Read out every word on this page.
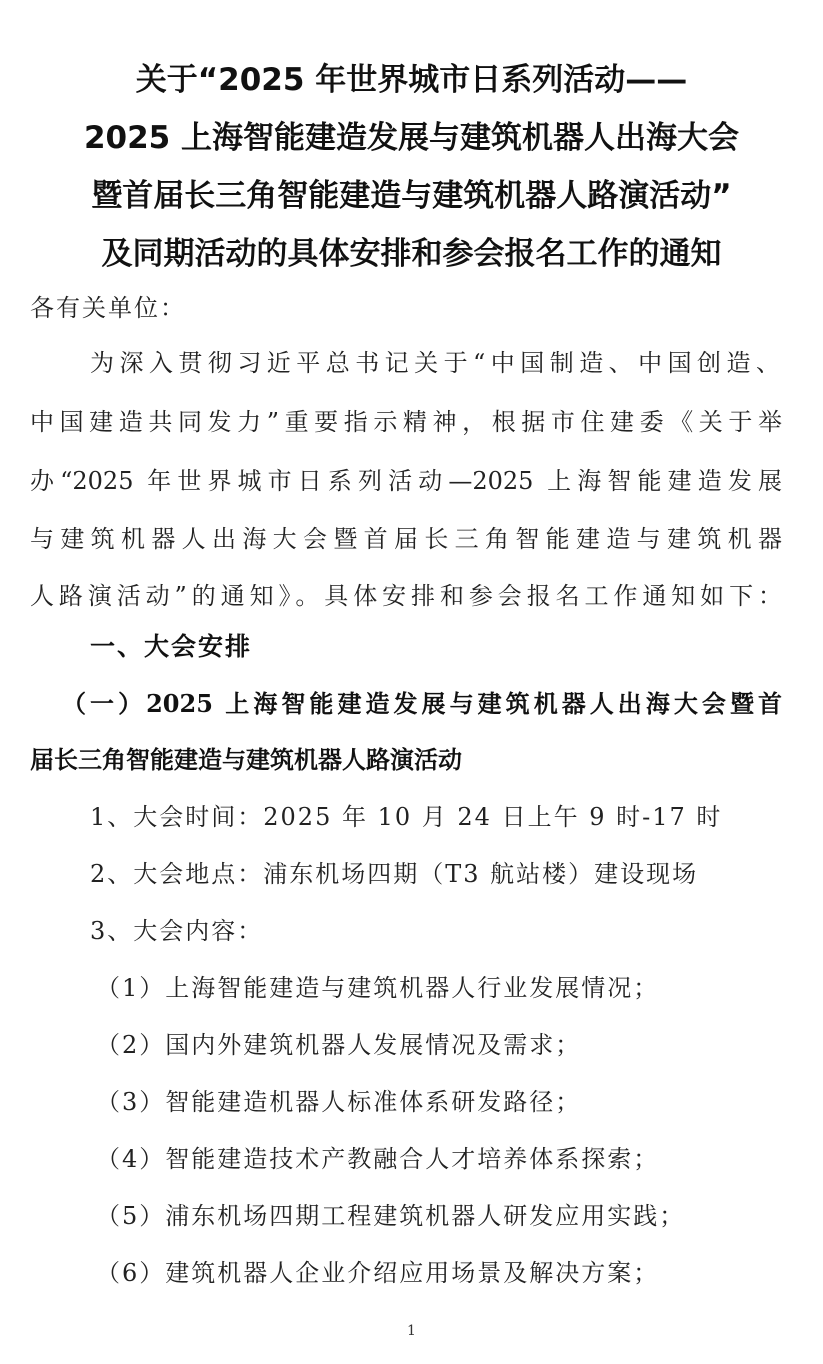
关于“2025 年世界城市日系列活动——
2025 上海智能建造发展与建筑机器人出海大会
暨首届长三角智能建造与建筑机器人路演活动”
及同期活动的具体安排和参会报名工作的通知
各有关单位：
为深入贯彻习近平总书记关于“中国制造、中国创造、
中国建造共同发力”重要指示精神，根据市住建委《关于举
办“2025 年世界城市日系列活动—2025 上海智能建造发展
与建筑机器人出海大会暨首届长三角智能建造与建筑机器
人路演活动”的通知》。具体安排和参会报名工作通知如下：
一、大会安排
（一）2025 上海智能建造发展与建筑机器人出海大会暨首
届长三角智能建造与建筑机器人路演活动
1、大会时间：2025 年 10 月 24 日上午 9 时-17 时
2、大会地点：浦东机场四期（T3 航站楼）建设现场
3、大会内容：
（1）上海智能建造与建筑机器人行业发展情况；
（2）国内外建筑机器人发展情况及需求；
（3）智能建造机器人标准体系研发路径；
（4）智能建造技术产教融合人才培养体系探索；
（5）浦东机场四期工程建筑机器人研发应用实践；
（6）建筑机器人企业介绍应用场景及解决方案；
1
